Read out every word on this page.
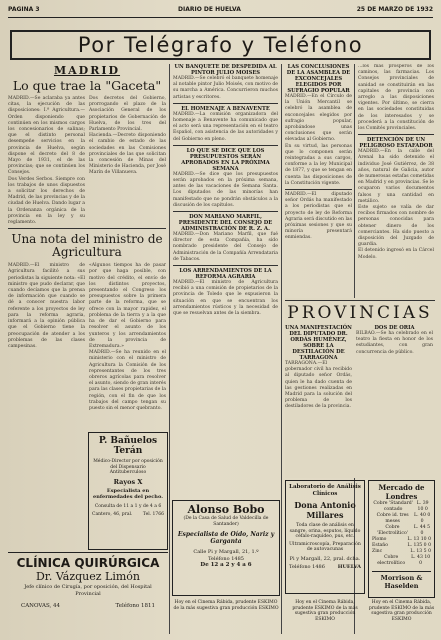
PAGINA 3	DIARIO DE HUELVA	25 DE MARZO DE 1932
Por Telégrafo y Teléfono

MADRID

Lo que trae la "Gaceta"

MADRID.—Se aclaraba ya antes citas, la ejecución de las disposiciones: I.ª Agricultura.—Orden disponiendo que continúen en los mismos cargos los concesionarios de salinas; que el distinto personal desempeñe servicios en la provincia de Huelva, según dispone el decreto del 8 de Mayo de 1931, el de las provincias; que se continúen los Consejos.

Dos Verdes Serbos. Siempre con los trabajos de unos dispuestos a solicitar los derechos de Madrid, de las provincias y de la ciudad de Huelva. Dando lugar a la Ordenanza orgánica de la provincia en la ley y su reglamento.

Dos decretos del Gobierno, prorrogando el plazo de la Asociación General de los propietarios de Gobernación de Huelva, de los tres del Parlamento Provincial.

Hacienda.—Decreto disponiendo el cambio de estado de las sociedades en las Comisiones provinciales de las que solicitan la concesión de Minas del Ministerio de Hacienda, por José Marín de Villanueva.

Una nota del ministro de Agricultura

MADRID.—El ministro de Agricultura facilitó a sus periodistas la siguiente nota: «El ministro que pudo declarar, que cuando decíamos que la prensa de información que cuando se dé a conocer nuestra labor referente a los proyectos de ley para la reforma agraria, informará a la opinión pública que el Gobierno tiene la preocupación de atender a los problemas de las clases campesinas.

«Algunos tiempos ha de pasar por que haga posible, con motivo del crédito, el envío de los distintos proyectos, presentando el Congreso los presupuestos sobre la primera parte de la reforma, que se ofrece con la mayor rapidez, el problema de la tierra y a la que ha de dar el Gobierno para resolver el asunto de los yunteros y los arrendamientos de la provincia de Extremadura.»

MADRID.—Se ha reunido en el ministerio con el ministro de Agricultura la Comisión de los representantes de los tres obreros agrícolas para resolver el asunto, siendo de gran interés para las clases propietarias de la región, con el fin de que los trabajos del campo tengan su puesto sin el menor quebranto.

UN BANQUETE DE DESPEDIDA AL PINTOR JULIO MOISES

MADRID.—Se celebró el banquete homenaje al notable pintor Julio Moisés, con motivo de su marcha a América. Concurrieron muchos artistas y escritores.

EL HOMENAJE A BENAVENTE

MADRID.—La comisión organizadora del homenaje a Benavente ha comunicado que el acto será una representación en el teatro Español, con asistencia de las autoridades y del Gobierno en pleno.

LO QUE SE DICE QUE LOS PRESUPUESTOS SERÁN APROBADOS EN LA PRÓXIMA SEMANA

MADRID.—Se dice que los presupuestos serán aprobados en la próxima semana, antes de las vacaciones de Semana Santa. Los diputados de las minorías han manifestado que no pondrán obstáculos a la discusión de los capítulos.

DON MARIANO MARFIL, PRESIDENTE DEL CONSEJO DE ADMINISTRACIÓN DE R. Z. A.

MADRID.—Don Mariano Marfil, que fué director de esta Compañía, ha sido nombrado presidente del Consejo de Administración de la Compañía Arrendataria de Tabacos.

LOS ARRENDAMIENTOS DE LA REFORMA AGRARIA

MADRID.—El ministro de Agricultura recibió a una comisión de propietarios de la provincia de Toledo que le expusieron la situación en que se encuentran los arrendamientos rústicos y la necesidad de que se resuelvan antes de la siembra.

LAS CONCLUSIONES DE LA ASAMBLEA DE EXCONCEJALES ELEGIDOS POR SUFRAGIO POPULAR

MADRID.—En el Círculo de la Unión Mercantil se celebró la asamblea de exconcejales elegidos por sufragio popular, aprobándose unas conclusiones que serán elevadas al Gobierno.

En su virtud, las personas que lo componen serán reintegradas a sus cargos, conforme a la ley Municipal de 1877, y que se tengan en cuenta las disposiciones de la Constitución vigente.

MADRID.—El diputado señor Ordás ha manifestado a los periodistas que el proyecto de ley de Reforma Agraria será discutido en las próximas sesiones y que su minoría presentará enmiendas.

...los más prósperos de los caminos, las farmacias. Los Consejos provinciales de sanidad se constituirán en las capitales de provincia con arreglo a las disposiciones vigentes. Por último, se cierra en las sociedades constituidas de los interesados y se procederá a la constitución de los Comités provinciales.

DETENCIÓN DE UN PELIGROSO ESTAFADOR

MADRID.—En la calle del Arenal ha sido detenido el individuo José Gutiérrez, de 38 años, natural de Galicia, autor de numerosas estafas cometidas en Madrid y en provincias. Se le ocuparon varios documentos falsos y una cantidad en metálico.

Este sujeto se valía de dar recibos firmados con nombre de personas conocidas para obtener dinero de los comerciantes. Ha sido puesto a disposición del Juzgado de guardia.

El detenido ingresó en la Cárcel Modelo.

PROVINCIAS

UNA MANIFESTACIÓN DEL DIPUTADO DR. ORDÁS HUMÉNEZ, SOBRE LA DESTILACIÓN DE TARRAGONA

TARRAGONA.—El gobernador civil ha recibido al diputado señor Ordás, quien le ha dado cuenta de las gestiones realizadas en Madrid para la solución del problema de los destiladores de la provincia.

DOS DE ORIA

BILBAO.—Se ha celebrado en el teatro la fiesta en honor de los estudiantes, con gran concurrencia de público.

P. Bañuelos Terán
Médico-Director por oposición del Dispensario Antituberculoso
Rayos X
Especialista en enfermedades del pecho.
Consulta de 11 a 1 y de 4 a 6
Cantero, 46, pral. Tel. 1766
CLÍNICA QUIRÚRGICA
Dr. Vázquez Limón
Jefe clínico de Cirugía, por oposición, del Hospital Provincial
CANOVAS, 44	Teléfono 1811
Alonso Bobo
(De la Casa de Salud de Valdecilla de Santander)
Especialista de Oído, Nariz y Garganta
Calle Pi y Margall, 21, 1.º
Teléfono 1485
De 12 a 2 y 4 a 6
Hoy en el Cinema Rábida, prudente ESKIMO de la más sugestiva gran producción ESKIMO
Laboratorio de Análisis Clínicos
Dona Antonio Millares
Toda clase de análisis en sangre, orina, esputos, líquido céfalo-raquídeo, pus, etc.
Ultramicroscopía, Preparación de autovacunas
Pi y Margall, 22, pral. dcha.
Teléfono 1486	HUELVA
Hoy en el Cinema Rábida, prudente ESKIMO de la más sugestiva gran producción ESKIMO
Mercado de Londres
Cobre 'Standard' contado
L. 39 10 0
Cobre id. tres meses
L. 40 0 0
Cobre 'Electrolítico'
L. 44 5 0
Plomo	L. 13 10 0
Estaño	L. 135 0 0
Zinc	L. 13 5 0
Cobre electrolítico
L. 43 10 0
Morrison & Haselden
Hoy en el Cinema Rábida, prudente ESKIMO de la más sugestiva gran producción ESKIMO
